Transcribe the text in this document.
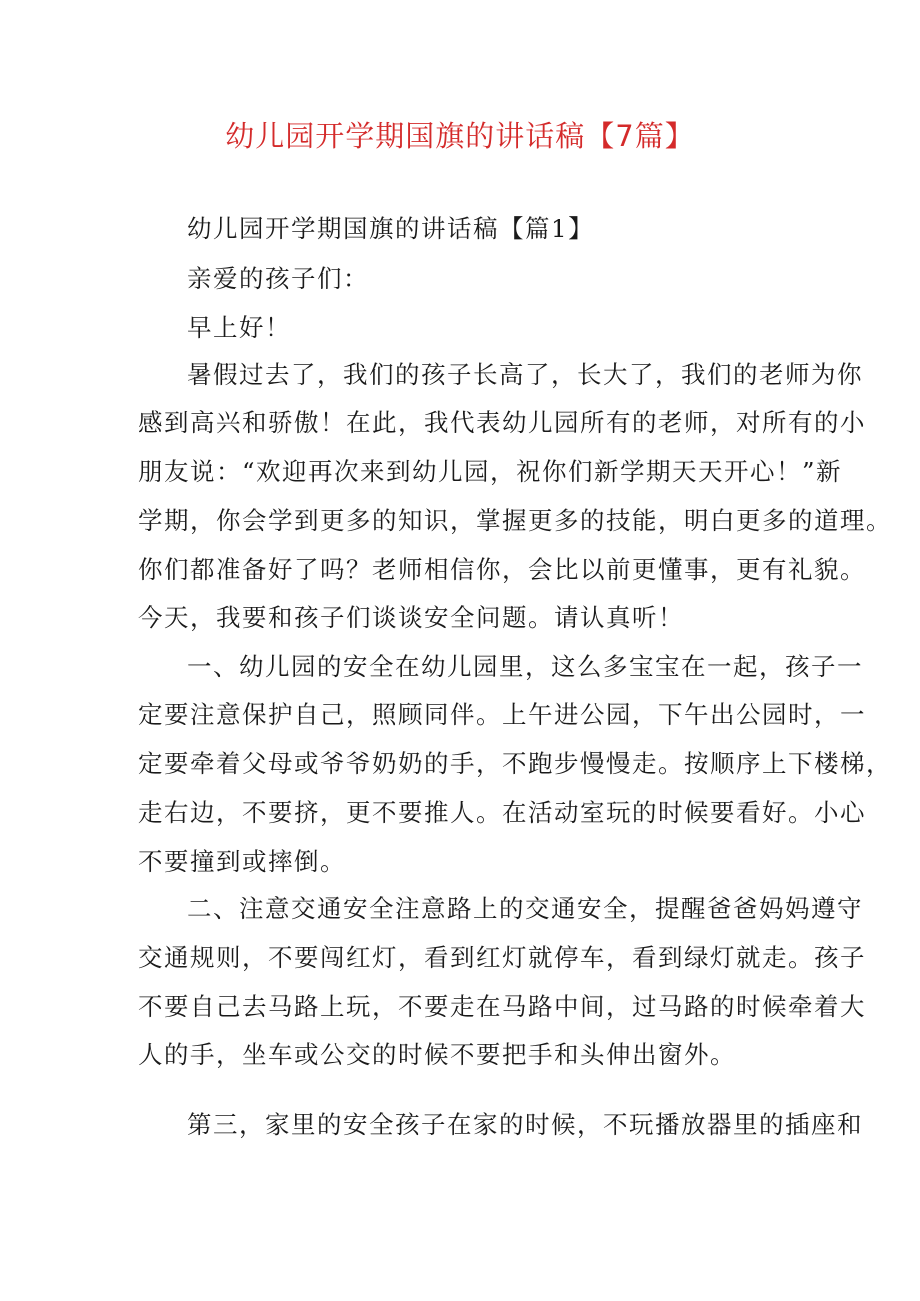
幼儿园开学期国旗的讲话稿【7篇】
幼儿园开学期国旗的讲话稿【篇1】
亲爱的孩子们：
早上好！
暑假过去了，我们的孩子长高了，长大了，我们的老师为你
感到高兴和骄傲！在此，我代表幼儿园所有的老师，对所有的小
朋友说：“欢迎再次来到幼儿园，祝你们新学期天天开心！”新
学期，你会学到更多的知识，掌握更多的技能，明白更多的道理。
你们都准备好了吗？老师相信你，会比以前更懂事，更有礼貌。
今天，我要和孩子们谈谈安全问题。请认真听！
一、幼儿园的安全在幼儿园里，这么多宝宝在一起，孩子一
定要注意保护自己，照顾同伴。上午进公园，下午出公园时，一
定要牵着父母或爷爷奶奶的手，不跑步慢慢走。按顺序上下楼梯，
走右边，不要挤，更不要推人。在活动室玩的时候要看好。小心
不要撞到或摔倒。
二、注意交通安全注意路上的交通安全，提醒爸爸妈妈遵守
交通规则，不要闯红灯，看到红灯就停车，看到绿灯就走。孩子
不要自己去马路上玩，不要走在马路中间，过马路的时候牵着大
人的手，坐车或公交的时候不要把手和头伸出窗外。
第三，家里的安全孩子在家的时候，不玩播放器里的插座和
